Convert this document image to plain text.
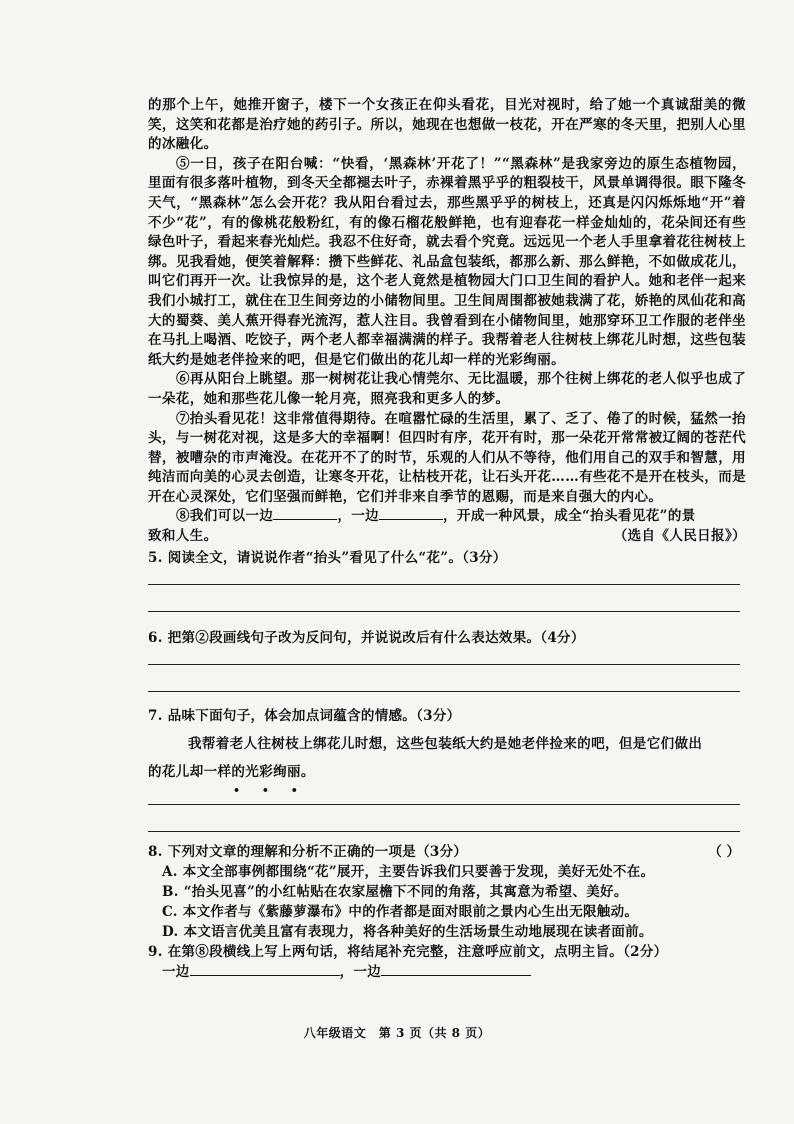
的那个上午，她推开窗子，楼下一个女孩正在仰头看花，目光对视时，给了她一个真诚甜美的微笑，这笑和花都是治疗她的药引子。所以，她现在也想做一枝花，开在严寒的冬天里，把别人心里的冰融化。

⑤一日，孩子在阳台喊：“快看，‘黑森林’开花了！”“黑森林”是我家旁边的原生态植物园，里面有很多落叶植物，到冬天全都褪去叶子，赤裸着黑乎乎的粗裂枝干，风景单调得很。眼下隆冬天气，“黑森林”怎么会开花？我从阳台看过去，那些黑乎乎的树枝上，还真是闪闪烁烁地“开”着不少“花”，有的像桃花般粉红，有的像石榴花般鲜艳，也有迎春花一样金灿灿的，花朵间还有些绿色叶子，看起来春光灿烂。我忍不住好奇，就去看个究竟。远远见一个老人手里拿着花往树枝上绑。见我看她，便笑着解释：攒下些鲜花、礼品盒包装纸，都那么新、那么鲜艳，不如做成花儿，叫它们再开一次。让我惊异的是，这个老人竟然是植物园大门口卫生间的看护人。她和老伴一起来我们小城打工，就住在卫生间旁边的小储物间里。卫生间周围都被她栽满了花，娇艳的凤仙花和高大的蜀葵、美人蕉开得春光流泻，惹人注目。我曾看到在小储物间里，她那穿环卫工作服的老伴坐在马扎上喝酒、吃饺子，两个老人都幸福满满的样子。我帮着老人往树枝上绑花儿时想，这些包装纸大约是她老伴捡来的吧，但是它们做出的花儿却一样的光彩绚丽。

⑥再从阳台上眺望。那一树树花让我心情莞尔、无比温暖，那个往树上绑花的老人似乎也成了一朵花，她和那些花儿像一轮月亮，照亮我和更多人的梦。

⑦抬头看见花！这非常值得期待。在喧嚣忙碌的生活里，累了、乏了、倦了的时候，猛然一抬头，与一树花对视，这是多大的幸福啊！但四时有序，花开有时，那一朵花开常常被辽阔的苍茫代替，被嘈杂的市声淹没。在花开不了的时节，乐观的人们从不等待，他们用自己的双手和智慧，用纯洁而向美的心灵去创造，让寒冬开花，让枯枝开花，让石头开花……有些花不是开在枝头，而是开在心灵深处，它们坚强而鲜艳，它们并非来自季节的恩赐，而是来自强大的内心。

⑧我们可以一边	，一边	，开成一种风景，成全“抬头看见花”的景

致和人生。	（选自《人民日报》）

5. 阅读全文，请说说作者“抬头”看见了什么“花”。（3分）

6. 把第②段画线句子改为反问句，并说说改后有什么表达效果。（4分）

7. 品味下面句子，体会加点词蕴含的情感。（3分）

我帮着老人往树枝上绑花儿时想，这些包装纸大约是她老伴捡来的吧，但是它们做出

的花儿却一样的光彩绚丽。

• • •

8. 下列对文章的理解和分析不正确的一项是（3分）	（ ）

A. 本文全部事例都围绕“花”展开，主要告诉我们只要善于发现，美好无处不在。

B. “抬头见喜”的小红帖贴在农家屋檐下不同的角落，其寓意为希望、美好。

C. 本文作者与《紫藤萝瀑布》中的作者都是面对眼前之景内心生出无限触动。

D. 本文语言优美且富有表现力，将各种美好的生活场景生动地展现在读者面前。

9. 在第⑧段横线上写上两句话，将结尾补充完整，注意呼应前文，点明主旨。（2分）

一边	，一边

八年级语文　第 3 页（共 8 页）
